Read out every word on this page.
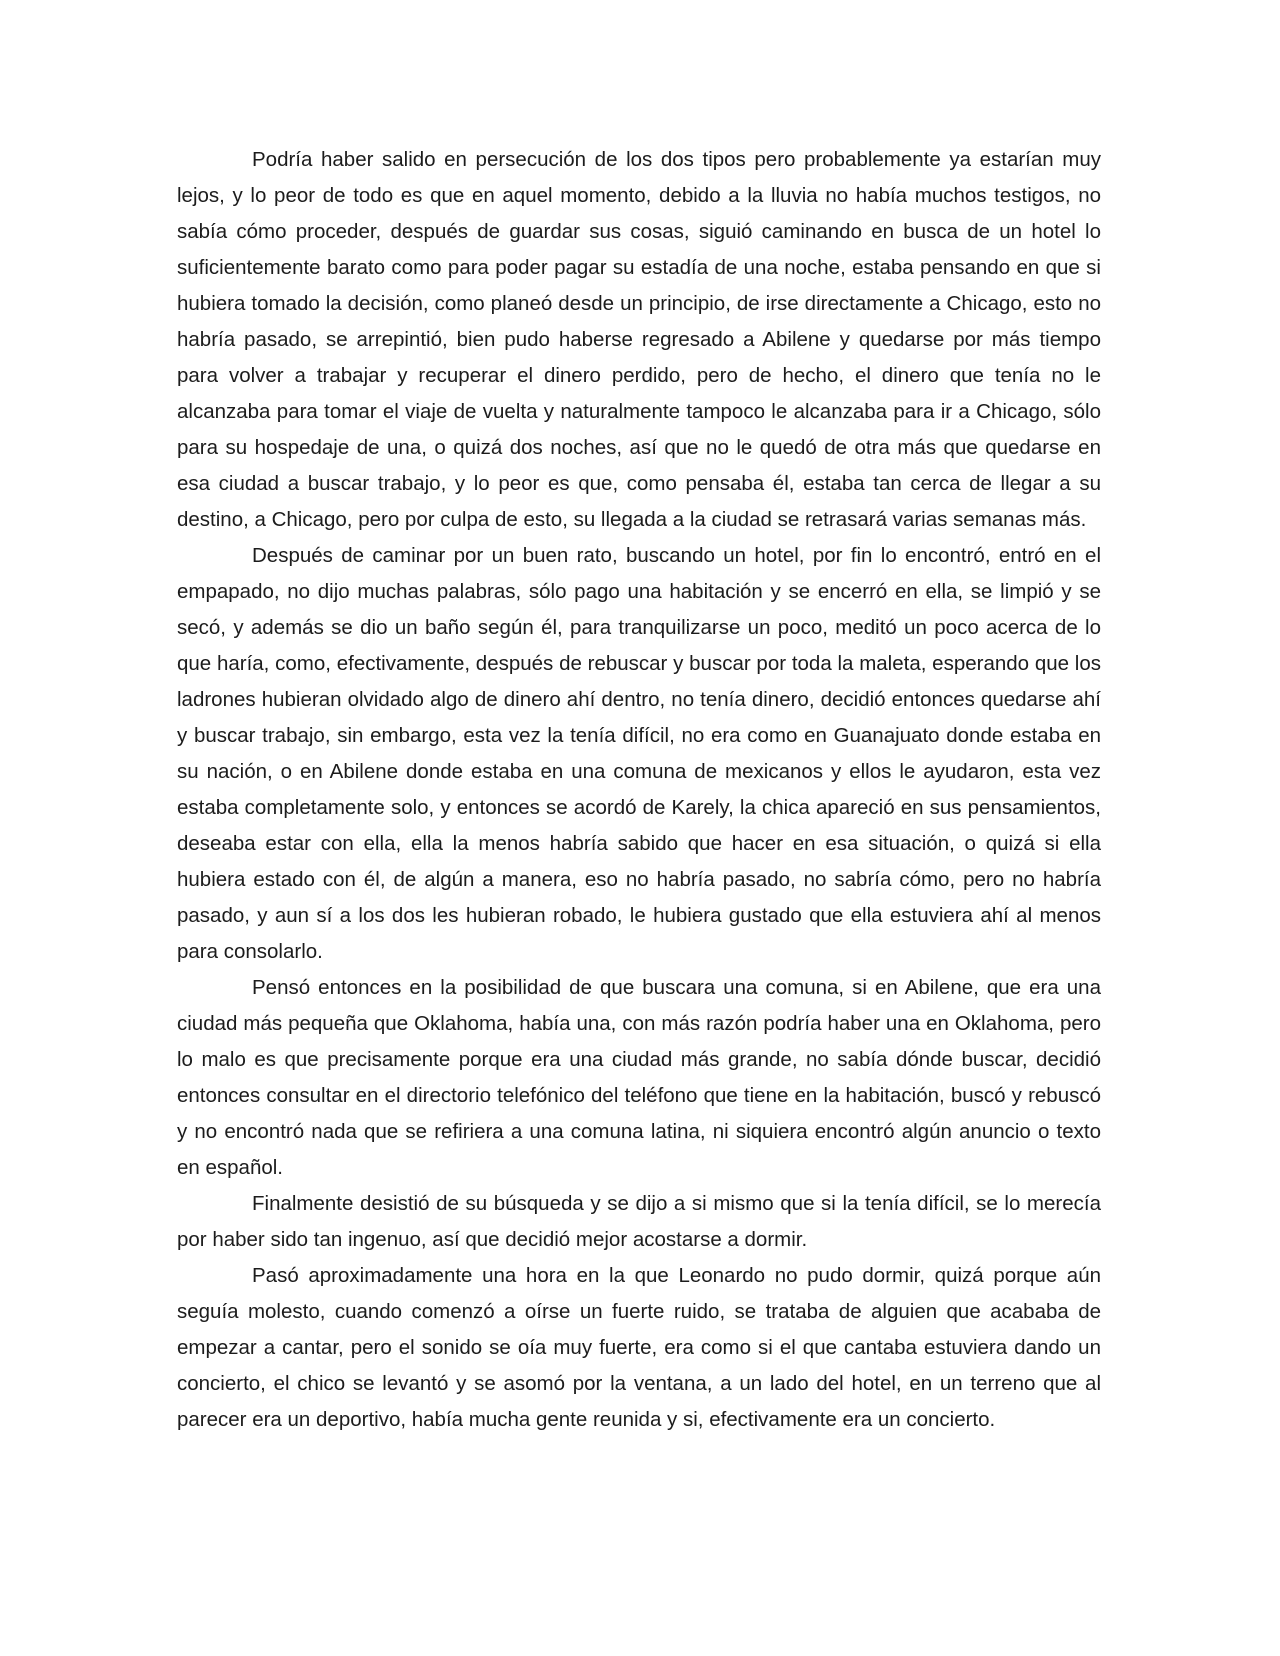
Podría haber salido en persecución de los dos tipos pero probablemente ya estarían muy lejos, y lo peor de todo es que en aquel momento, debido a la lluvia no había muchos testigos, no sabía cómo proceder, después de guardar sus cosas, siguió caminando en busca de un hotel lo suficientemente barato como para poder pagar su estadía de una noche, estaba pensando en que si hubiera tomado la decisión, como planeó desde un principio, de irse directamente a Chicago, esto no habría pasado, se arrepintió, bien pudo haberse regresado a Abilene y quedarse por más tiempo para volver a trabajar y recuperar el dinero perdido, pero de hecho, el dinero que tenía no le alcanzaba para tomar el viaje de vuelta y naturalmente tampoco le alcanzaba para ir a Chicago, sólo para su hospedaje de una, o quizá dos noches, así que no le quedó de otra más que quedarse en esa ciudad a buscar trabajo, y lo peor es que, como pensaba él, estaba tan cerca de llegar a su destino, a Chicago, pero por culpa de esto, su llegada a la ciudad se retrasará varias semanas más.

Después de caminar por un buen rato, buscando un hotel, por fin lo encontró, entró en el empapado, no dijo muchas palabras, sólo pago una habitación y se encerró en ella, se limpió y se secó, y además se dio un baño según él, para tranquilizarse un poco, meditó un poco acerca de lo que haría, como, efectivamente, después de rebuscar y buscar por toda la maleta, esperando que los ladrones hubieran olvidado algo de dinero ahí dentro, no tenía dinero, decidió entonces quedarse ahí y buscar trabajo, sin embargo, esta vez la tenía difícil, no era como en Guanajuato donde estaba en su nación, o en Abilene donde estaba en una comuna de mexicanos y ellos le ayudaron, esta vez estaba completamente solo, y entonces se acordó de Karely, la chica apareció en sus pensamientos, deseaba estar con ella, ella la menos habría sabido que hacer en esa situación, o quizá si ella hubiera estado con él, de algún a manera, eso no habría pasado, no sabría cómo, pero no habría pasado, y aun sí a los dos les hubieran robado, le hubiera gustado que ella estuviera ahí al menos para consolarlo.

Pensó entonces en la posibilidad de que buscara una comuna, si en Abilene, que era una ciudad más pequeña que Oklahoma, había una, con más razón podría haber una en Oklahoma, pero lo malo es que precisamente porque era una ciudad más grande, no sabía dónde buscar, decidió entonces consultar en el directorio telefónico del teléfono que tiene en la habitación, buscó y rebuscó y no encontró nada que se refiriera a una comuna latina, ni siquiera encontró algún anuncio o texto en español.

Finalmente desistió de su búsqueda y se dijo a si mismo que si la tenía difícil, se lo merecía por haber sido tan ingenuo, así que decidió mejor acostarse a dormir.

Pasó aproximadamente una hora en la que Leonardo no pudo dormir, quizá porque aún seguía molesto, cuando comenzó a oírse un fuerte ruido, se trataba de alguien que acababa de empezar a cantar, pero el sonido se oía muy fuerte, era como si el que cantaba estuviera dando un concierto, el chico se levantó y se asomó por la ventana, a un lado del hotel, en un terreno que al parecer era un deportivo, había mucha gente reunida y si, efectivamente era un concierto.
